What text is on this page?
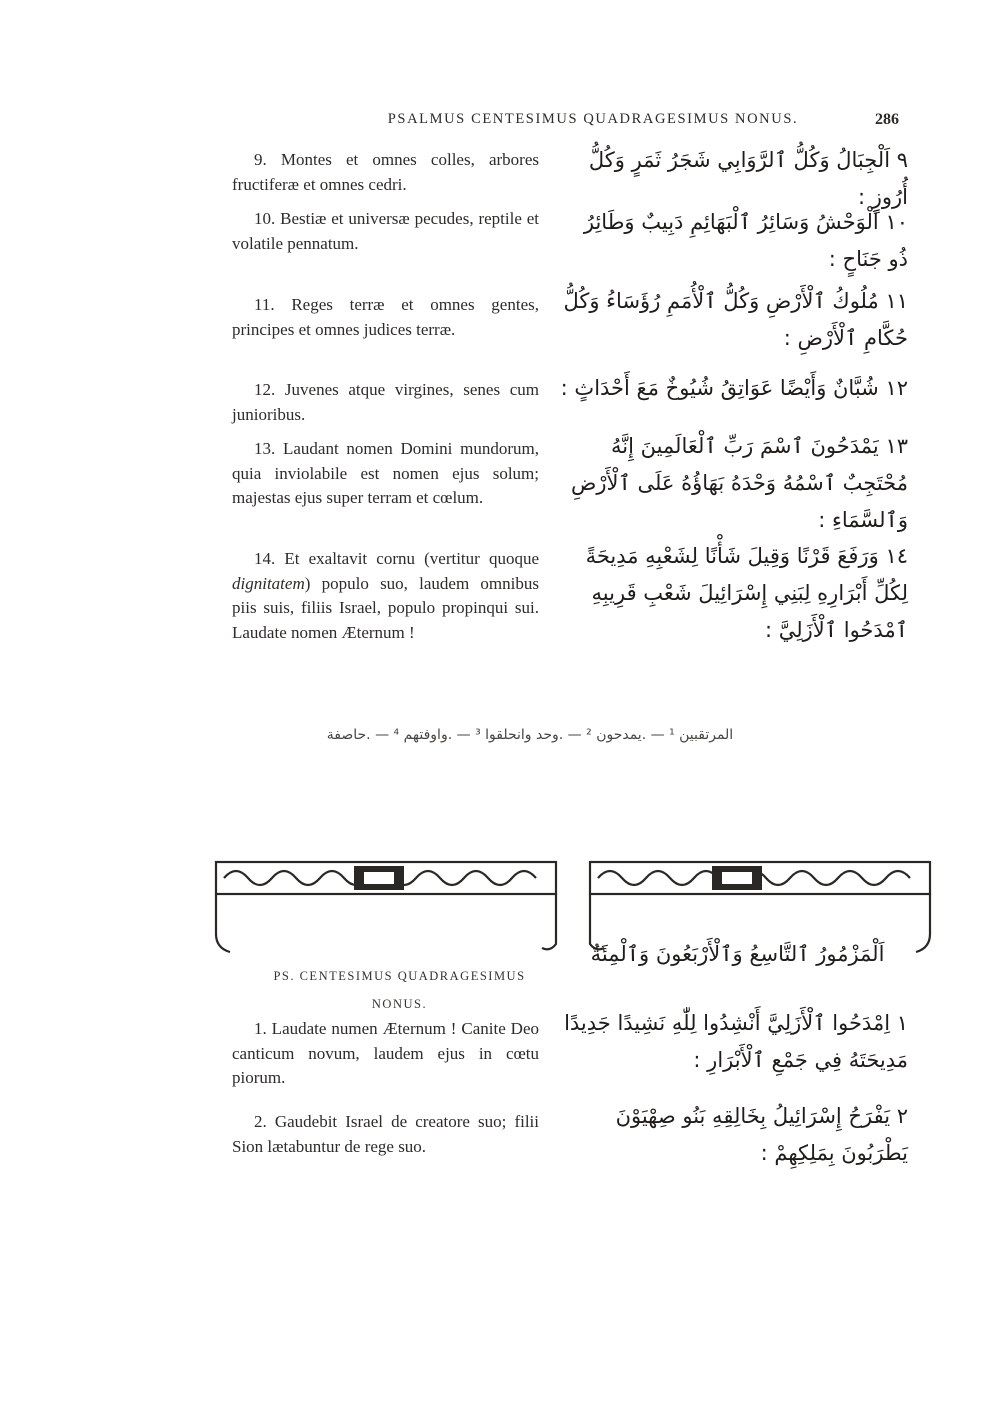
PSALMUS CENTESIMUS QUADRAGESIMUS NONUS.	286
9. Montes et omnes colles, arbores fructiferæ et omnes cedri.
٩ اَلْجِبَالُ وَكُلُّ ٱلرَّوَابِي شَجَرُ ثَمَرٍ وَكُلُّ أُرُوزٍ :
10. Bestiæ et universæ pecudes, reptile et volatile pennatum.
١٠ اَلْوَحْشُ وَسَائِرُ ٱلْبَهَائِمِ دَبِيبٌ وَطَائِرُ ذُو جَنَاحٍ :
11. Reges terræ et omnes gentes, principes et omnes judices terræ.
١١ مُلُوكُ ٱلْأَرْضِ وَكُلُّ ٱلْأُمَمِ رُؤَسَاءُ وَكُلُّ حُكَّامِ ٱلْأَرْضِ :
12. Juvenes atque virgines, senes cum junioribus.
١٢ شُبَّانٌ وَأَيْضًا عَوَاتِقُ شُيُوخٌ مَعَ أَحْدَاثٍ :
13. Laudant nomen Domini mundorum, quia inviolabile est nomen ejus solum; majestas ejus super terram et cœlum.
١٣ يَمْدَحُونَ ٱسْمَ رَبِّ ٱلْعَالَمِينَ إِنَّهُ مُحْتَجِبٌ ٱسْمُهُ وَحْدَهُ بَهَاؤُهُ عَلَى ٱلْأَرْضِ وَٱلسَّمَاءِ :
14. Et exaltavit cornu (vertitur quoque dignitatem) populo suo, laudem omnibus piis suis, filiis Israel, populo propinqui sui. Laudate nomen Æternum !
١٤ وَرَفَعَ قَرْنًا وَقِيلَ شَأْنًا لِشَعْبِهِ مَدِيحَةً لِكُلِّ أَبْرَارِهِ لِبَنِي إِسْرَائِيلَ شَعْبِ قَرِيبِهِ ٱمْدَحُوا ٱلْأَزَلِيَّ :
المرتقبين ¹ — .يمدحون ² — .وحد وانحلقوا ³ — .واوفتهم ⁴ — .حاصفة
PS. CENTESIMUS QUADRAGESIMUS
NONUS.
اَلْمَزْمُورُ ٱلتَّاسِعُ وَٱلْأَرْبَعُونَ وَٱلْمِئَةُ
1. Laudate numen Æternum ! Canite Deo canticum novum, laudem ejus in cœtu piorum.
١ اِمْدَحُوا ٱلْأَزَلِيَّ أَنْشِدُوا لِلّٰهِ نَشِيدًا جَدِيدًا مَدِيحَتَهُ فِي جَمْعِ ٱلْأَبْرَارِ :
2. Gaudebit Israel de creatore suo; filii Sion lætabuntur de rege suo.
٢ يَفْرَحُ إِسْرَائِيلُ بِخَالِقِهِ بَنُو صِهْيَوْنَ يَطْرَبُونَ بِمَلِكِهِمْ :
